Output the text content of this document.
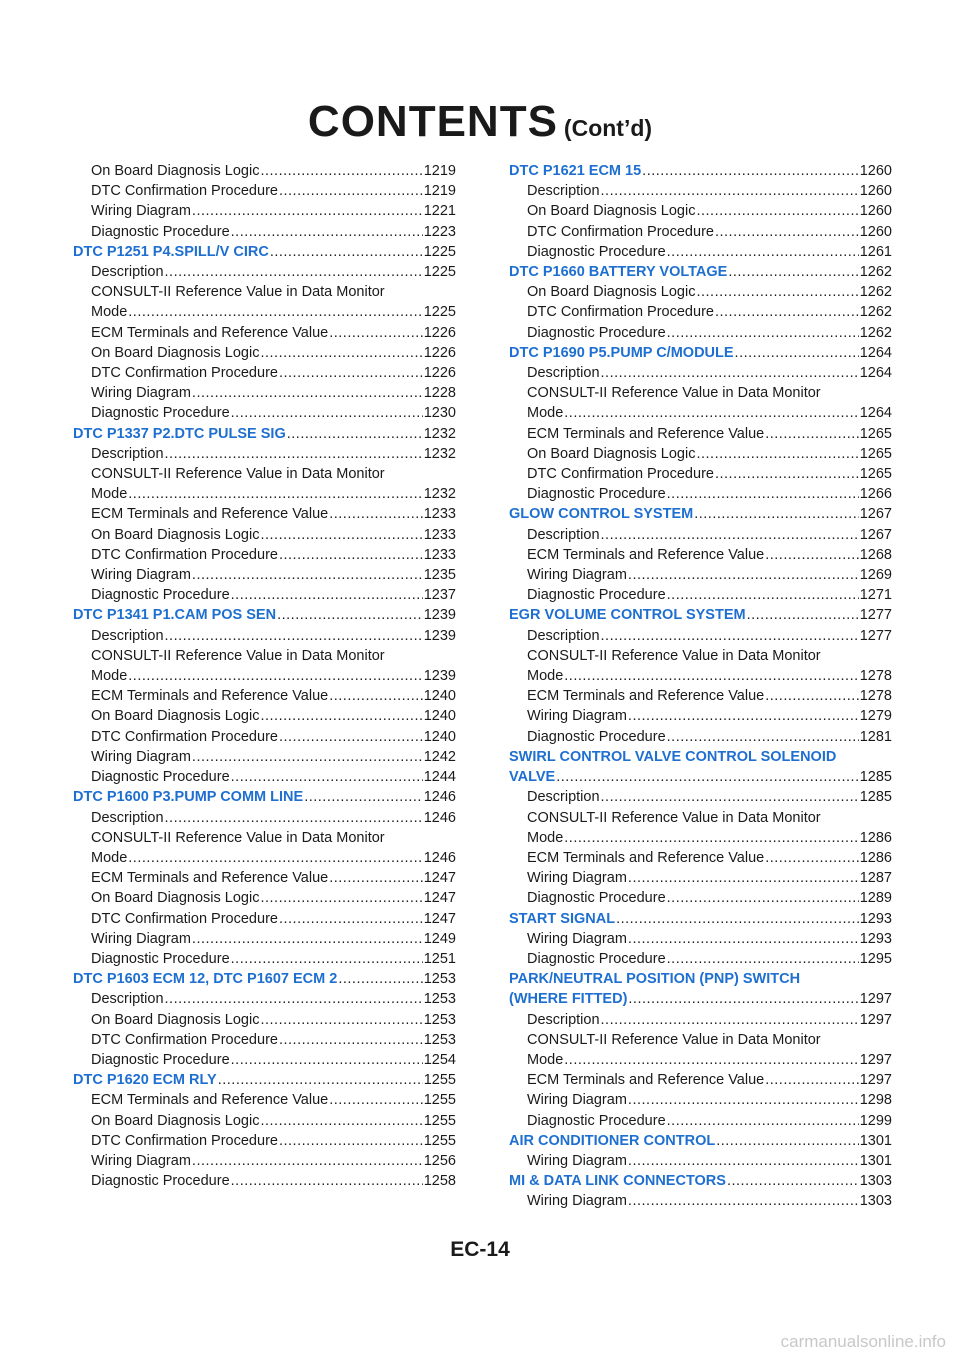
CONTENTS (Cont’d)
On Board Diagnosis Logic .....	1219
DTC Confirmation Procedure .....	1219
Wiring Diagram .....	1221
Diagnostic Procedure .....	1223
DTC P1251 P4.SPILL/V CIRC .....	1225
Description .....	1225
CONSULT-II Reference Value in Data Monitor
Mode .....	1225
ECM Terminals and Reference Value .....	1226
On Board Diagnosis Logic .....	1226
DTC Confirmation Procedure .....	1226
Wiring Diagram .....	1228
Diagnostic Procedure .....	1230
DTC P1337 P2.DTC PULSE SIG .....	1232
Description .....	1232
CONSULT-II Reference Value in Data Monitor
Mode .....	1232
ECM Terminals and Reference Value .....	1233
On Board Diagnosis Logic .....	1233
DTC Confirmation Procedure .....	1233
Wiring Diagram .....	1235
Diagnostic Procedure .....	1237
DTC P1341 P1.CAM POS SEN .....	1239
Description .....	1239
CONSULT-II Reference Value in Data Monitor
Mode .....	1239
ECM Terminals and Reference Value .....	1240
On Board Diagnosis Logic .....	1240
DTC Confirmation Procedure .....	1240
Wiring Diagram .....	1242
Diagnostic Procedure .....	1244
DTC P1600 P3.PUMP COMM LINE .....	1246
Description .....	1246
CONSULT-II Reference Value in Data Monitor
Mode .....	1246
ECM Terminals and Reference Value .....	1247
On Board Diagnosis Logic .....	1247
DTC Confirmation Procedure .....	1247
Wiring Diagram .....	1249
Diagnostic Procedure .....	1251
DTC P1603 ECM 12, DTC P1607 ECM 2 .....	1253
Description .....	1253
On Board Diagnosis Logic .....	1253
DTC Confirmation Procedure .....	1253
Diagnostic Procedure .....	1254
DTC P1620 ECM RLY .....	1255
ECM Terminals and Reference Value .....	1255
On Board Diagnosis Logic .....	1255
DTC Confirmation Procedure .....	1255
Wiring Diagram .....	1256
Diagnostic Procedure .....	1258
DTC P1621 ECM 15 .....	1260
Description .....	1260
On Board Diagnosis Logic .....	1260
DTC Confirmation Procedure .....	1260
Diagnostic Procedure .....	1261
DTC P1660 BATTERY VOLTAGE .....	1262
On Board Diagnosis Logic .....	1262
DTC Confirmation Procedure .....	1262
Diagnostic Procedure .....	1262
DTC P1690 P5.PUMP C/MODULE .....	1264
Description .....	1264
CONSULT-II Reference Value in Data Monitor
Mode .....	1264
ECM Terminals and Reference Value .....	1265
On Board Diagnosis Logic .....	1265
DTC Confirmation Procedure .....	1265
Diagnostic Procedure .....	1266
GLOW CONTROL SYSTEM .....	1267
Description .....	1267
ECM Terminals and Reference Value .....	1268
Wiring Diagram .....	1269
Diagnostic Procedure .....	1271
EGR VOLUME CONTROL SYSTEM .....	1277
Description .....	1277
CONSULT-II Reference Value in Data Monitor
Mode .....	1278
ECM Terminals and Reference Value .....	1278
Wiring Diagram .....	1279
Diagnostic Procedure .....	1281
SWIRL CONTROL VALVE CONTROL SOLENOID
VALVE .....	1285
Description .....	1285
CONSULT-II Reference Value in Data Monitor
Mode .....	1286
ECM Terminals and Reference Value .....	1286
Wiring Diagram .....	1287
Diagnostic Procedure .....	1289
START SIGNAL .....	1293
Wiring Diagram .....	1293
Diagnostic Procedure .....	1295
PARK/NEUTRAL POSITION (PNP) SWITCH
(WHERE FITTED) .....	1297
Description .....	1297
CONSULT-II Reference Value in Data Monitor
Mode .....	1297
ECM Terminals and Reference Value .....	1297
Wiring Diagram .....	1298
Diagnostic Procedure .....	1299
AIR CONDITIONER CONTROL .....	1301
Wiring Diagram .....	1301
MI & DATA LINK CONNECTORS .....	1303
Wiring Diagram .....	1303
EC-14
carmanualsonline.info
